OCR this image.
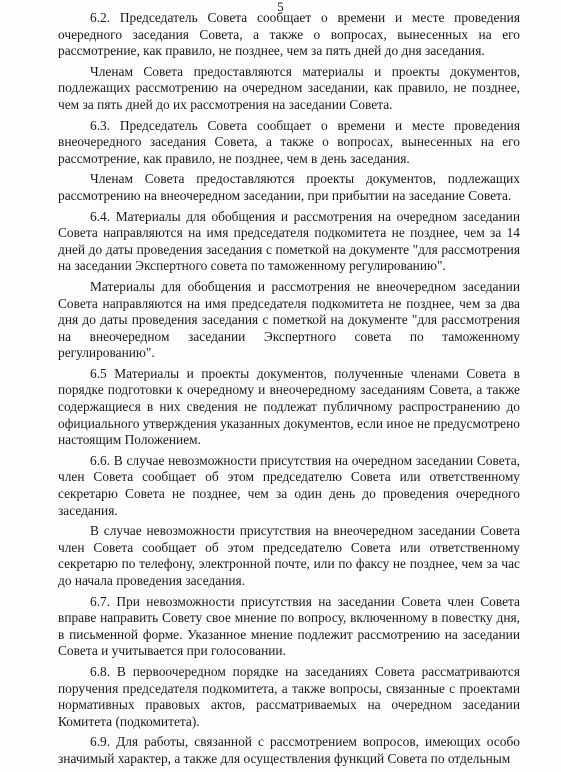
5

6.2. Председатель Совета сообщает о времени и месте проведения очередного заседания Совета, а также о вопросах, вынесенных на его рассмотрение, как правило, не позднее, чем за пять дней до дня заседания.

Членам Совета предоставляются материалы и проекты документов, подлежащих рассмотрению на очередном заседании, как правило, не позднее, чем за пять дней до их рассмотрения на заседании Совета.

6.3. Председатель Совета сообщает о времени и месте проведения внеочередного заседания Совета, а также о вопросах, вынесенных на его рассмотрение, как правило, не позднее, чем в день заседания.

Членам Совета предоставляются проекты документов, подлежащих рассмотрению на внеочередном заседании, при прибытии на заседание Совета.

6.4. Материалы для обобщения и рассмотрения на очередном заседании Совета направляются на имя председателя подкомитета не позднее, чем за 14 дней до даты проведения заседания с пометкой на документе "для рассмотрения на заседании Экспертного совета по таможенному регулированию".

Материалы для обобщения и рассмотрения не внеочередном заседании Совета направляются на имя председателя подкомитета не позднее, чем за два дня до даты проведения заседания с пометкой на документе "для рассмотрения на внеочередном заседании Экспертного совета по таможенному регулированию".

6.5 Материалы и проекты документов, полученные членами Совета в порядке подготовки к очередному и внеочередному заседаниям Совета, а также содержащиеся в них сведения не подлежат публичному распространению до официального утверждения указанных документов, если иное не предусмотрено настоящим Положением.

6.6. В случае невозможности присутствия на очередном заседании Совета, член Совета сообщает об этом председателю Совета или ответственному секретарю Совета не позднее, чем за один день до проведения очередного заседания.

В случае невозможности присутствия на внеочередном заседании Совета член Совета сообщает об этом председателю Совета или ответственному секретарю по телефону, электронной почте, или по факсу не позднее, чем за час до начала проведения заседания.

6.7. При невозможности присутствия на заседании Совета член Совета вправе направить Совету свое мнение по вопросу, включенному в повестку дня, в письменной форме. Указанное мнение подлежит рассмотрению на заседании Совета и учитывается при голосовании.

6.8. В первоочередном порядке на заседаниях Совета рассматриваются поручения председателя подкомитета, а также вопросы, связанные с проектами нормативных правовых актов, рассматриваемых на очередном заседании Комитета (подкомитета).

6.9. Для работы, связанной с рассмотрением вопросов, имеющих особо значимый характер, а также для осуществления функций Совета по отдельным
